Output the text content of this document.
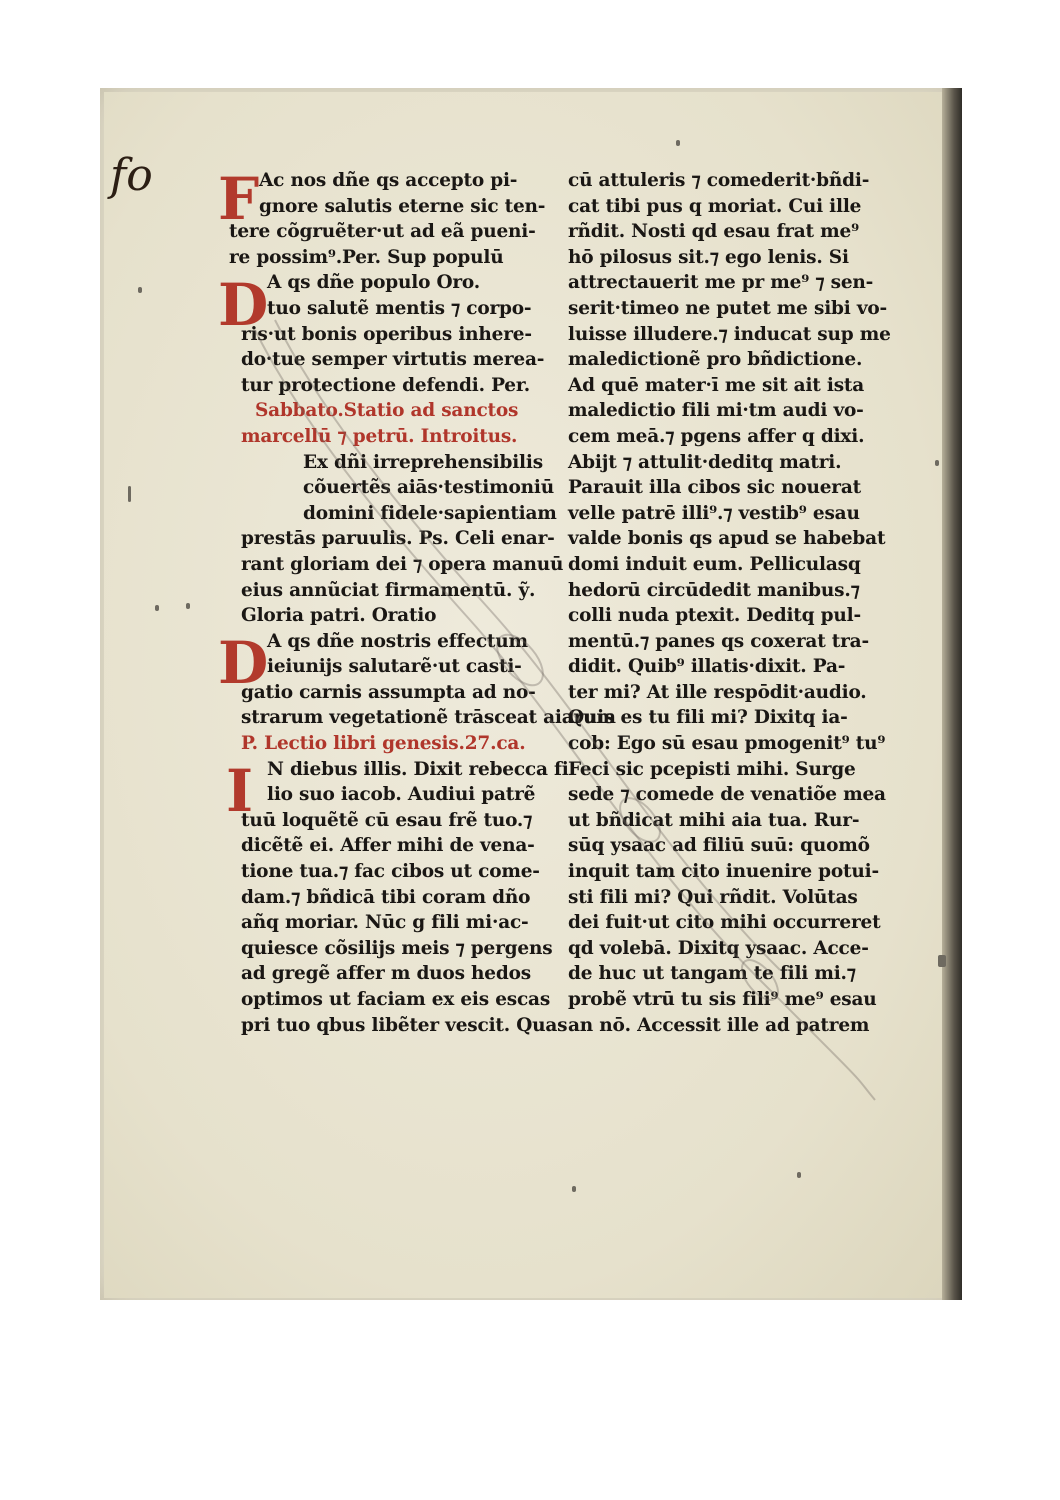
fo F
D
D
I
Ac nos dñe qs accepto pi-
gnore salutis eterne sic ten-
tere cõgruẽter·ut ad eã pueni-
re possim⁹.Per. Sup populū
A qs dñe populo Oro.
tuo salutẽ mentis ⁊ corpo-
ris·ut bonis operibus inhere-
do·tue semper virtutis merea-
tur protectione defendi. Per.
Sabbato.Statio ad sanctos
marcellū ⁊ petrū. Introitus.
Ex dñi irreprehensibilis
cõuertẽs aiās·testimoniū
domini fidele·sapientiam
prestās paruulis. Ps. Celi enar-
rant gloriam dei ⁊ opera manuū
eius annũciat firmamentū. ỹ.
Gloria patri. Oratio
A qs dñe nostris effectum
ieiunijs salutarẽ·ut casti-
gatio carnis assumpta ad no-
strarum vegetationẽ trāsceat aiarum
P. Lectio libri genesis.27.ca.
N diebus illis. Dixit rebecca fi
lio suo iacob. Audiui patrẽ
tuū loquẽtẽ cū esau frẽ tuo.⁊
dicẽtẽ ei. Affer mihi de vena-
tione tua.⁊ fac cibos ut come-
dam.⁊ bñdicā tibi coram dño
añq moriar. Nūc g fili mi·ac-
quiesce cõsilijs meis ⁊ pergens
ad gregẽ affer m duos hedos
optimos ut faciam ex eis escas
pri tuo qbus libẽter vescit. Quas
cū attuleris ⁊ comederit·bñdi-
cat tibi pus q moriat. Cui ille
rñdit. Nosti qd esau frat me⁹
hō pilosus sit.⁊ ego lenis. Si
attrectauerit me pr me⁹ ⁊ sen-
serit·timeo ne putet me sibi vo-
luisse illudere.⁊ inducat sup me
maledictionẽ pro bñdictione.
Ad quē mater·ī me sit ait ista
maledictio fili mi·tm audi vo-
cem meā.⁊ pgens affer q dixi.
Abijt ⁊ attulit·deditq matri.
Parauit illa cibos sic nouerat
velle patrē illi⁹.⁊ vestib⁹ esau
valde bonis qs apud se habebat
domi induit eum. Pelliculasq
hedorū circūdedit manibus.⁊
colli nuda ptexit. Deditq pul-
mentū.⁊ panes qs coxerat tra-
didit. Quib⁹ illatis·dixit. Pa-
ter mi? At ille respōdit·audio.
Quis es tu fili mi? Dixitq ia-
cob: Ego sū esau pmogenit⁹ tu⁹
Feci sic pcepisti mihi. Surge
sede ⁊ comede de venatiõe mea
ut bñdicat mihi aia tua. Rur-
sūq ysaac ad filiū suū: quomõ
inquit tam cito inuenire potui-
sti fili mi? Qui rñdit. Volūtas
dei fuit·ut cito mihi occurreret
qd volebā. Dixitq ysaac. Acce-
de huc ut tangam te fili mi.⁊
probẽ vtrū tu sis fili⁹ me⁹ esau
an nō. Accessit ille ad patrem
